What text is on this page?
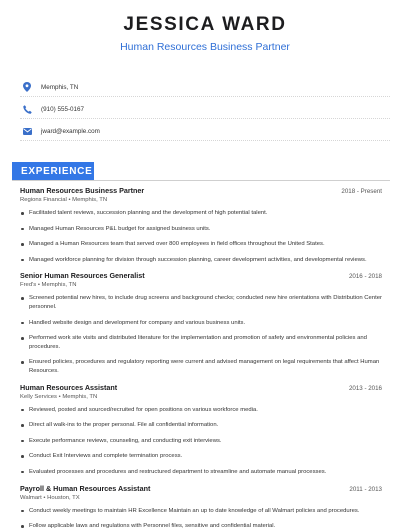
JESSICA WARD
Human Resources Business Partner
Memphis, TN
(910) 555-0167
jward@example.com
EXPERIENCE
Human Resources Business Partner	2018 - Present
Regions Financial • Memphis, TN
Facilitated talent reviews, succession planning and the development of high potential talent.
Managed Human Resources P&L budget for assigned business units.
Managed a Human Resources team that served over 800 employees in field offices throughout the United States.
Managed workforce planning for division through succession planning, career development activities, and developmental reviews.
Senior Human Resources Generalist	2016 - 2018
Fred's • Memphis, TN
Screened potential new hires, to include drug screens and background checks; conducted new hire orientations with Distribution Center personnel.
Handled website design and development for company and various business units.
Performed work site visits and distributed literature for the implementation and promotion of safety and environmental policies and procedures.
Ensured policies, procedures and regulatory reporting were current and advised management on legal requirements that affect Human Resources.
Human Resources Assistant	2013 - 2016
Kelly Services • Memphis, TN
Reviewed, posted and sourced/recruited for open positions on various workforce media.
Direct all walk-ins to the proper personal. File all confidential information.
Execute performance reviews, counseling, and conducting exit interviews.
Conduct Exit Interviews and complete termination process.
Evaluated processes and procedures and restructured department to streamline and automate manual processes.
Payroll & Human Resources Assistant	2011 - 2013
Walmart • Houston, TX
Conduct weekly meetings to maintain HR Excellence Maintain an up to date knowledge of all Walmart policies and procedures.
Follow applicable laws and regulations with Personnel files, sensitive and confidential material.
